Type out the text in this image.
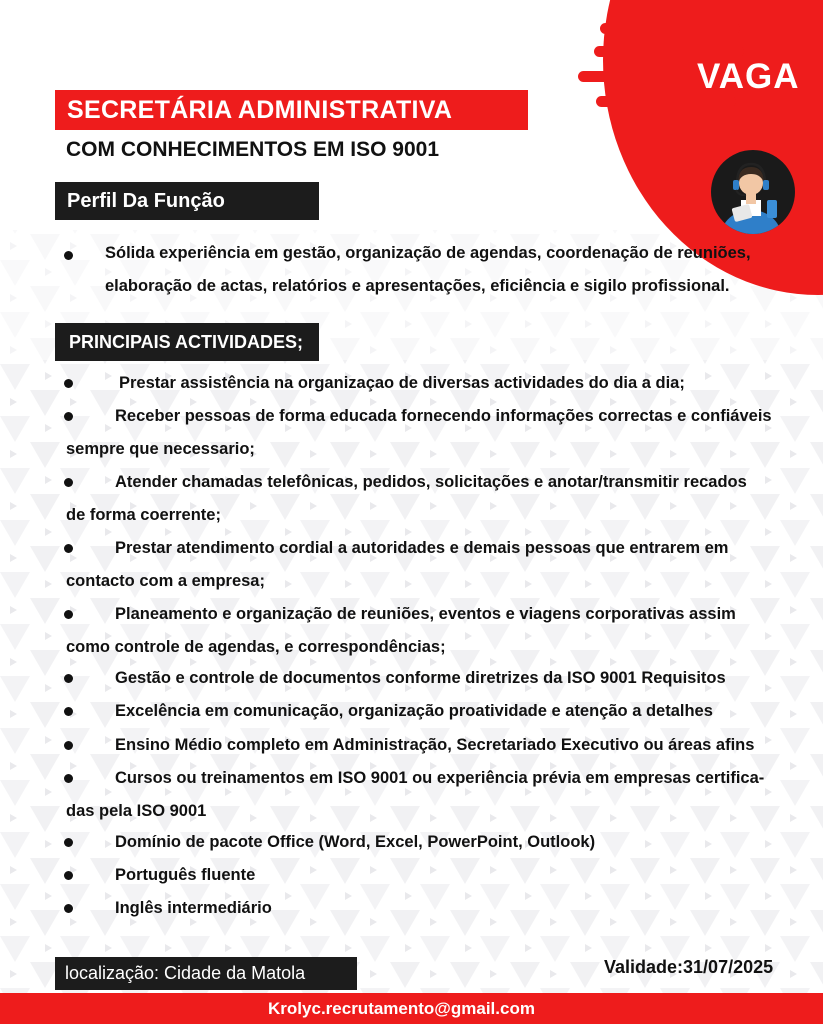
VAGA
SECRETÁRIA ADMINISTRATIVA
COM CONHECIMENTOS EM ISO 9001
Perfil Da Função
Sólida experiência em gestão, organização de agendas, coordenação de reuniões, elaboração de actas, relatórios e apresentações, eficiência e sigilo profissional.
PRINCIPAIS ACTIVIDADES;
Prestar assistência na organizaçao de diversas actividades do dia a dia;
Receber pessoas de forma educada fornecendo informações correctas e confiáveis
sempre que necessario;
Atender chamadas telefônicas, pedidos, solicitações e anotar/transmitir recados
de forma coerrente;
Prestar atendimento cordial a autoridades e demais pessoas que entrarem em
contacto com a empresa;
Planeamento e organização de reuniões, eventos e viagens corporativas assim
como controle de agendas, e correspondências;
Gestão e controle de documentos conforme diretrizes da ISO 9001 Requisitos
Excelência em comunicação, organização proatividade e atenção a detalhes
Ensino Médio completo em Administração, Secretariado Executivo ou áreas afins
Cursos ou treinamentos em ISO 9001 ou experiência prévia em empresas certifica-
das pela ISO 9001
Domínio de pacote Office (Word, Excel, PowerPoint, Outlook)
Português fluente
Inglês intermediário
localização: Cidade da Matola	Validade:31/07/2025
Krolyc.recrutamento@gmail.com
